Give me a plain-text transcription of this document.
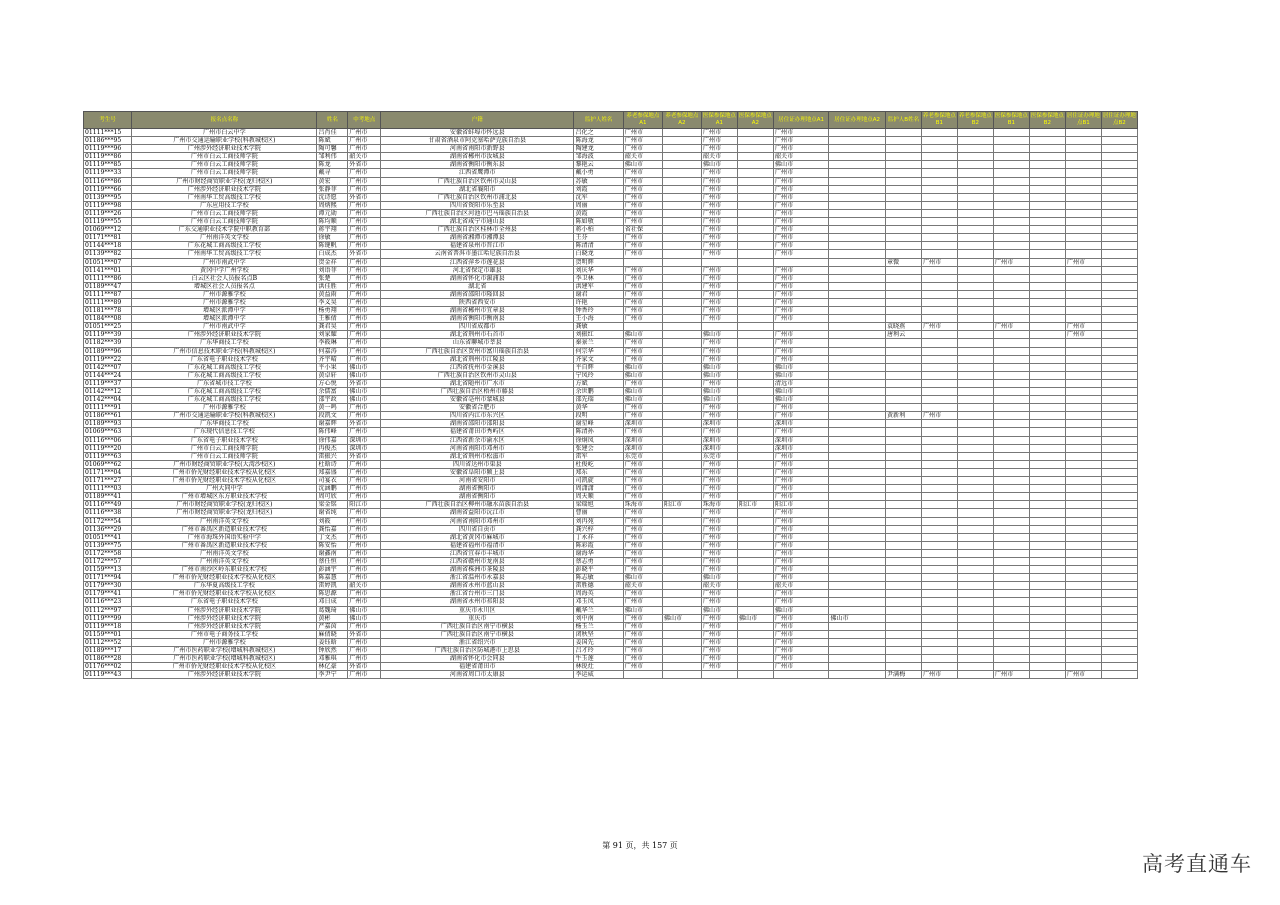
考生号	报名点名称	姓名	中考地点	户籍	监护人姓名	养老参保地点A1	养老参保地点A2	医保参保地点A1	医保参保地点A2	居住证办理地点A1	居住证办理地点A2	监护人B姓名	养老参保地点B1	养老参保地点B2	医保参保地点B1	医保参保地点B2	居住证办理地点B1	居住证办理地点B2
01111***15	广州市白云中学	吕肖佳	广州市	安徽省蚌埠市怀远县	吕化之	广州市		广州市		广州市								
01186***95	广州市交通运输职业学校(科教城校区)	陈斌	广州市	甘肃省酒泉市阿克塞哈萨克族自治县	陈海龙	广州市		广州市		广州市								
01119***96	广州涉外经济职业技术学院	陶可馨	广州市	河南省南阳市新野县	陶建龙	广州市		广州市		广州市								
01119***86	广州市白云工商技师学院	邹利伟	韶关市	湖南省郴州市汝城县	邹海波	韶关市		韶关市		韶关市								
01119***85	广州市白云工商技师学院	陈龙	外省市	湖南省衡阳市衡东县	黎艳云	佛山市		佛山市		佛山市								
01119***33	广州市白云工商技师学院	戴寻	广州市	江西省鹰潭市	戴小勇	广州市		广州市		广州市								
01116***86	广州市财经商贸职业学校(龙归校区)	黄宏	广州市	广西壮族自治区钦州市灵山县	苏敏	广州市		广州市		广州市								
01119***66	广州涉外经济职业技术学院	张静菲	广州市	湖北省襄阳市	刘霞	广州市		广州市		广州市								
01139***95	广州南华工贸高级技工学校	沈诗愿	外省市	广西壮族自治区钦州市浦北县	沈军	广州市		广州市		广州市								
01119***98	广东应用技工学校	周炳熙	广州市	四川省资阳市乐至县	周丽	广州市		广州市		广州市								
01119***26	广州市白云工商技师学院	谭元勋	广州市	广西壮族自治区河池市巴马瑶族自治县	黄霞	广州市		广州市		广州市								
01119***55	广州市白云工商技师学院	陈均顺	广州市	湖北省咸宁市通山县	陈如敬	广州市		广州市		广州市								
01069***12	广东交通职业技术学院中职教育部	蒋宇翔	广州市	广西壮族自治区桂林市全州县	蒋小柏	省社保		广州市		广州市								
01171***81	广州南洋英文学校	徐敏	广州市	湖南省湘潭市湘潭县	王芬	广州市		广州市		广州市								
01144***18	广东花城工商高级技工学校	陈键帆	广州市	福建省泉州市晋江市	陈清清	广州市		广州市		广州市								
01139***82	广州南华工贸高级技工学校	白成杰	外省市	云南省普洱市墨江哈尼族自治县	白晓龙	广州市		广州市		广州市								
01051***07	广州市南武中学	贺金祥	广州市	江西省萍乡市莲花县	贺明辉							章微	广州市		广州市		广州市	
01141***01	黄冈中学广州学校	刘语菲	广州市	河北省保定市雄县	刘庆华	广州市		广州市		广州市								
01111***86	白云区社会人员报名点B	张楚	广州市	湖南省怀化市溆浦县	李卫林	广州市		广州市		广州市								
01189***47	增城区社会人员报名点	洪佳胜	广州市	湖北省	洪建军	广州市		广州市		广州市								
01111***87	广州市源雅学校	黄益雨	广州市	湖南省邵阳市隆回县	谢君	广州市		广州市		广州市								
01111***89	广州市源雅学校	李义昊	广州市	陕西省西安市	许艳	广州市		广州市		广州市								
01181***78	增城区派潭中学	杨勇翔	广州市	湖南省郴州市宜章县	钟香玲	广州市		广州市		广州市								
01184***08	增城区派潭中学	王雅倩	广州市	湖南省衡阳市衡南县	王小海	广州市		广州市		广州市								
01051***25	广州市南武中学	龚君昊	广州市	四川省成都市	龚敏							袁晓燕	广州市		广州市		广州市	
01119***39	广州涉外经济职业技术学院	刘家耀	广州市	湖北省荆州市石首市	刘振红	佛山市		佛山市		广州市		唐利云					广州市	
01182***39	广东华商技工学校	李筱琳	广州市	山东省聊城市莘县	秦景兰	广州市		广州市		广州市								
01189***96	广州市信息技术职业学校(科教城校区)	何嘉涛	广州市	广西壮族自治区贺州市富川瑶族自治县	何宗华	广州市		广州市		广州市								
01119***22	广东省电子职业技术学校	齐宇晴	广州市	湖北省荆州市江陵县	齐家文	广州市		广州市		广州市								
01142***07	广东花城工商高级技工学校	平小果	佛山市	江西省抚州市金溪县	平自辉	佛山市		佛山市		佛山市								
01144***24	广东花城工商高级技工学校	黄卓轩	佛山市	广西壮族自治区钦州市灵山县	宁凤玲	佛山市		佛山市		佛山市								
01119***37	广东省城市技工学校	方心悦	外省市	湖北省随州市广水市	方斌	广州市		广州市		清远市								
01142***12	广东花城工商高级技工学校	余儒富	佛山市	广西壮族自治区梧州市藤县	余世鹏	佛山市		佛山市		佛山市								
01142***04	广东花城工商高级技工学校	邵宇政	佛山市	安徽省亳州市蒙城县	邵先瑞	佛山市		佛山市		佛山市								
01111***91	广州市源雅学校	黄一鸣	广州市	安徽省合肥市	黄华	广州市		广州市		广州市								
01186***61	广州市交通运输职业学校(科教城校区)	段凯文	广州市	四川省内江市东兴区	段明	广州市		广州市		广州市		黄新利	广州市					
01189***93	广东华商技工学校	谢嘉辉	外省市	湖南省邵阳市邵阳县	谢星峰	深圳市		深圳市		深圳市								
01069***63	广东现代信息技工学校	陈伟峰	广州市	福建省莆田市秀屿区	陈清孙	广州市		广州市		广州市								
01116***06	广东省电子职业技术学校	徐伟嘉	深圳市	江西省新余市渝水区	徐炯凤	深圳市		深圳市		深圳市								
01119***20	广州市白云工商技师学院	冉俊杰	深圳市	河南省南阳市邓州市	张建会	深圳市		深圳市		深圳市								
01119***63	广州市白云工商技师学院	雷振兴	外省市	湖北省荆州市松滋市	雷军	东莞市		东莞市		广州市								
01069***62	广州市财经商贸职业学校(大湾沙校区)	杜晗诗	广州市	四川省达州市渠县	杜俊屹	广州市		广州市		广州市								
01171***04	广州市侨光财经职业技术学校从化校区	郑嘉盛	广州市	安徽省阜阳市颍上县	郑东	广州市		广州市		广州市								
01171***27	广州市侨光财经职业技术学校从化校区	司宴衣	广州市	河南省安阳市	司凯旋	广州市		广州市		广州市								
01111***03	广州大同中学	沈涵鹏	广州市	湖南省衡阳市	周潇潇	广州市		广州市		广州市								
01189***41	广州市增城区东方职业技术学校	周可欣	广州市	湖南省衡阳市	周天顺	广州市		广州市		广州市								
01116***49	广州市财经商贸职业学校(龙归校区)	梁金铭	阳江市	广西壮族自治区柳州市融水苗族自治县	梁瑞旭	珠海市	阳江市	珠海市	阳江市	阳江市								
01116***38	广州市财经商贸职业学校(龙归校区)	谢省纯	广州市	湖南省益阳市沅江市	曹丽	广州市		广州市		广州市								
01172***54	广州南洋英文学校	刘筱	广州市	河南省南阳市邓州市	刘冉苑	广州市		广州市		广州市								
01136***29	广州市番禺区新造职业技术学校	龚怡嘉	广州市	四川省自贡市	龚兴梓	广州市		广州市		广州市								
01051***41	广州市海珠外国语实验中学	丁文杰	广州市	湖北省黄冈市麻城市	丁永祥	广州市		广州市		广州市								
01139***75	广州市番禺区新造职业技术学校	陈安怡	广州市	福建省福州市福清市	陈彩霞	广州市		广州市		广州市								
01172***58	广州南洋英文学校	谢鑫南	广州市	江西省宜春市丰城市	谢海华	广州市		广州市		广州市								
01172***57	广州南洋英文学校	蔡任恒	广州市	江西省赣州市龙南县	蔡志勇	广州市		广州市		广州市								
01159***13	广州市南沙区岭东职业技术学校	彭涵宇	广州市	湖南省株洲市茶陵县	彭晓平	广州市		广州市		广州市								
01171***94	广州市侨光财经职业技术学校从化校区	陈嘉慧	广州市	浙江省温州市永嘉县	陈志敏	佛山市		佛山市		广州市								
01179***30	广东华夏高级技工学校	雷婷凯	韶关市	湖南省永州市蓝山县	雷胜德	韶关市		韶关市		韶关市								
01179***41	广州市侨光财经职业技术学校从化校区	陈思源	广州市	浙江省台州市三门县	周海英	广州市		广州市		广州市								
01116***23	广东省电子职业技术学校	邓日成	广州市	湖南省永州市祁阳县	邓玉凤	广州市		广州市		广州市								
01112***97	广州涉外经济职业技术学院	葛魏琦	佛山市	重庆市永川区	戴华兰	佛山市		佛山市		佛山市								
01119***99	广州涉外经济职业技术学院	黄彬	佛山市	重庆市	刘中南	广州市	佛山市	广州市	佛山市	广州市	佛山市							
01119***18	广州涉外经济职业技术学院	严嘉茵	广州市	广西壮族自治区南宁市横县	杨玉兰	广州市		广州市		广州市								
01159***01	广州市电子商务技工学校	麻倩晓	外省市	广西壮族自治区南宁市横县	闭秋坚	广州市		广州市		广州市								
01112***52	广州市源雅学校	姜钰晗	广州市	浙江省绍兴市	姜国先	广州市		广州市		广州市								
01189***17	广州市医药职业学校(增城科教城校区)	钟欣然	广州市	广西壮族自治区防城港市上思县	吕才玲	广州市		广州市		广州市								
01186***28	广州市医药职业学校(增城科教城校区)	邓雅琪	广州市	湖南省怀化市会同县	牛玉莲	广州市		广州市		广州市								
01176***02	广州市侨光财经职业技术学校从化校区	林亿豪	外省市	福建省莆田市	林锐灶	广州市		广州市		广州市								
01119***43	广州涉外经济职业技术学院	李尹宁	广州市	河南省周口市太康县	李运威							尹满梅	广州市		广州市		广州市	
第 91 页，共 157 页
高考直通车
